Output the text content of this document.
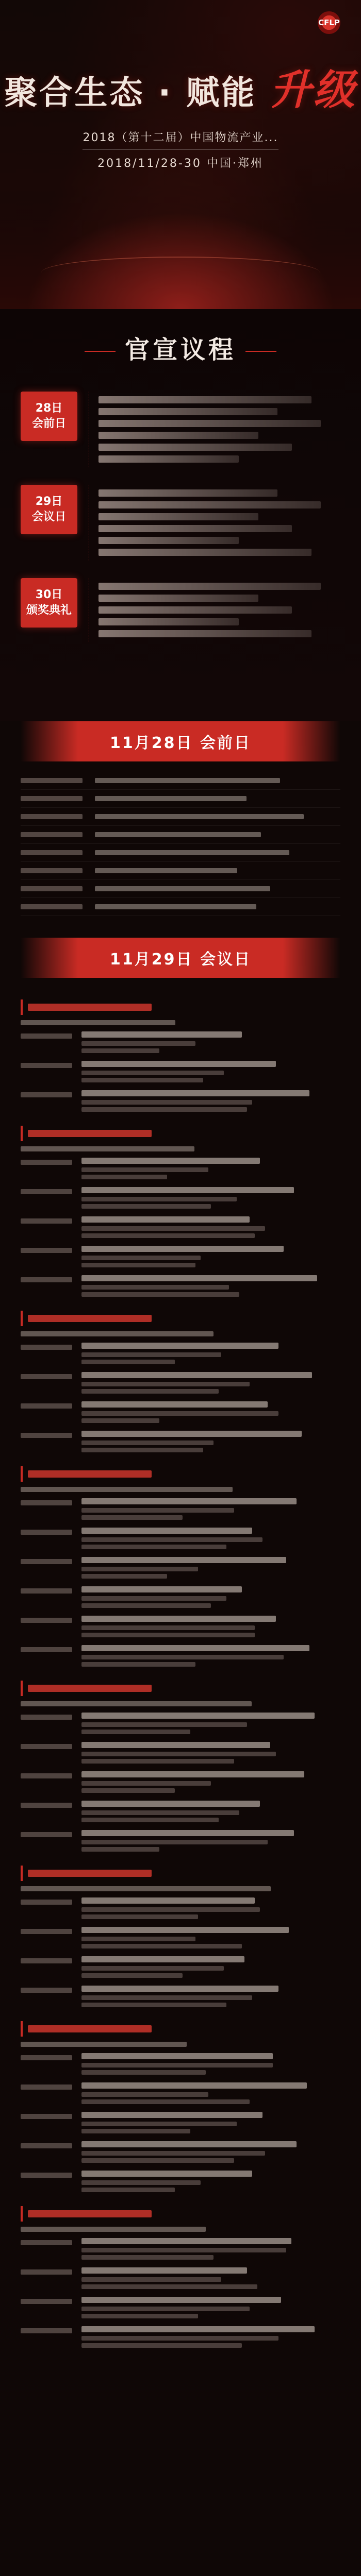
CFLP
聚合生态 · 赋能 升级
2018（第十二届）中国物流产业...
2018/11/28-30 中国·郑州
官宣议程
28日
会前日
29日
会议日
30日
颁奖典礼
11月28日 会前日
11月29日 会议日
